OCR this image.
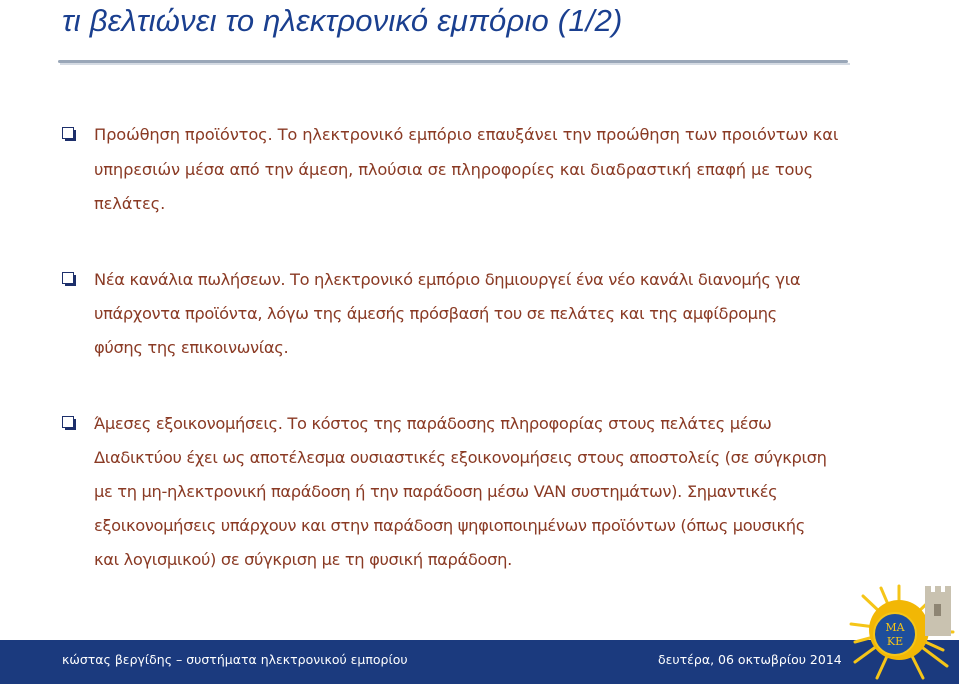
τι βελτιώνει το ηλεκτρονικό εμπόριο (1/2)
Προώθηση προϊόντος. Το ηλεκτρονικό εμπόριο επαυξάνει την προώθηση των προιόντων και
υπηρεσιών μέσα από την άμεση, πλούσια σε πληροφορίες και διαδραστική επαφή με τους
πελάτες.
Νέα κανάλια πωλήσεων. Το ηλεκτρονικό εμπόριο δημιουργεί ένα νέο κανάλι διανομής για
υπάρχοντα προϊόντα, λόγω της άμεσής πρόσβασή του σε πελάτες και της αμφίδρομης
φύσης της επικοινωνίας.
Άμεσες εξοικονομήσεις. Το κόστος της παράδοσης πληροφορίας στους πελάτες μέσω
Διαδικτύου έχει ως αποτέλεσμα ουσιαστικές εξοικονομήσεις στους αποστολείς (σε σύγκριση
με τη μη-ηλεκτρονική παράδοση ή την παράδοση μέσω VAN συστημάτων). Σημαντικές
εξοικονομήσεις υπάρχουν και στην παράδοση ψηφιοποιημένων προϊόντων (όπως μουσικής
και λογισμικού) σε σύγκριση με τη φυσική παράδοση.
κώστας βεργίδης – συστήματα ηλεκτρονικού εμπορίου	δευτέρα, 06 οκτωβρίου 2014
ΜΑ
ΚΕ
